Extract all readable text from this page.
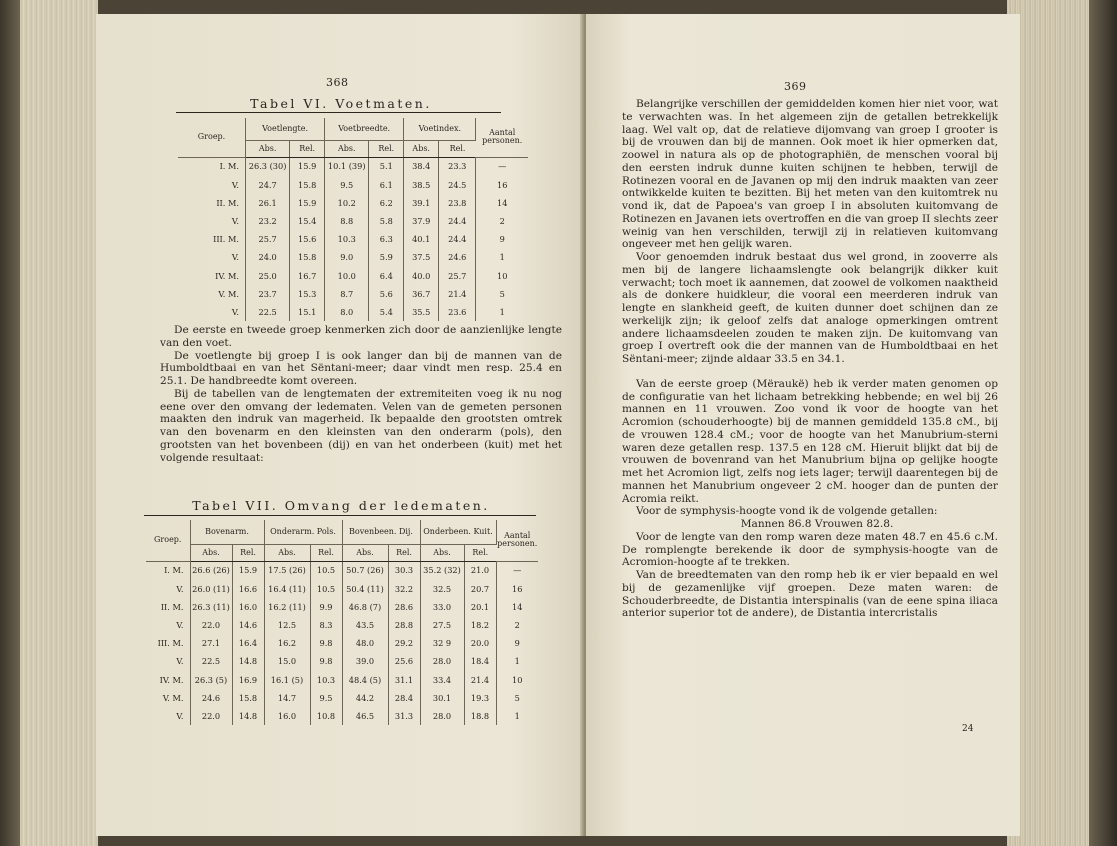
368
Tabel VI. Voetmaten.
Groep.	Voetlengte.		Voetbreedte.		Voetindex.		Aantal personen.
	Abs.	Rel.	Abs.	Rel.	Abs.	Rel.	
I. M.	26.3 (30)	15.9	10.1 (39)	5.1	38.4	23.3	—
V.	24.7	15.8	9.5	6.1	38.5	24.5	16
II. M.	26.1	15.9	10.2	6.2	39.1	23.8	14
V.	23.2	15.4	8.8	5.8	37.9	24.4	2
III. M.	25.7	15.6	10.3	6.3	40.1	24.4	9
V.	24.0	15.8	9.0	5.9	37.5	24.6	1
IV. M.	25.0	16.7	10.0	6.4	40.0	25.7	10
V. M.	23.7	15.3	8.7	5.6	36.7	21.4	5
V.	22.5	15.1	8.0	5.4	35.5	23.6	1

De eerste en tweede groep kenmerken zich door de aanzienlijke lengte van den voet.

De voetlengte bij groep I is ook langer dan bij de mannen van de Humboldtbaai en van het Sëntani-meer; daar vindt men resp. 25.4 en 25.1. De handbreedte komt overeen.

Bij de tabellen van de lengtematen der extremiteiten voeg ik nu nog eene over den omvang der ledematen. Velen van de gemeten personen maakten den indruk van magerheid. Ik bepaalde den grootsten omtrek van den bovenarm en den kleinsten van den onderarm (pols), den grootsten van het bovenbeen (dij) en van het onderbeen (kuit) met het volgende resultaat:

Tabel VII. Omvang der ledematen.
Groep.	Bovenarm.		Onderarm. Pols.		Bovenbeen. Dij.		Onderbeen. Kuit.		Aantal personen.
	Abs.	Rel.	Abs.	Rel.	Abs.	Rel.	Abs.	Rel.	
I. M.	26.6 (26)	15.9	17.5 (26)	10.5	50.7 (26)	30.3	35.2 (32)	21.0	—
V.	26.0 (11)	16.6	16.4 (11)	10.5	50.4 (11)	32.2	32.5	20.7	16
II. M.	26.3 (11)	16.0	16.2 (11)	9.9	46.8 (7)	28.6	33.0	20.1	14
V.	22.0	14.6	12.5	8.3	43.5	28.8	27.5	18.2	2
III. M.	27.1	16.4	16.2	9.8	48.0	29.2	32 9	20.0	9
V.	22.5	14.8	15.0	9.8	39.0	25.6	28.0	18.4	1
IV. M.	26.3 (5)	16.9	16.1 (5)	10.3	48.4 (5)	31.1	33.4	21.4	10
V. M.	24.6	15.8	14.7	9.5	44.2	28.4	30.1	19.3	5
V.	22.0	14.8	16.0	10.8	46.5	31.3	28.0	18.8	1
369

Belangrijke verschillen der gemiddelden komen hier niet voor, wat te verwachten was. In het algemeen zijn de getallen betrekkelijk laag. Wel valt op, dat de relatieve dijomvang van groep I grooter is bij de vrouwen dan bij de mannen. Ook moet ik hier opmerken dat, zoowel in natura als op de photographiën, de menschen vooral bij den eersten indruk dunne kuiten schijnen te hebben, terwijl de Rotinezen vooral en de Javanen op mij den indruk maakten van zeer ontwikkelde kuiten te bezitten. Bij het meten van den kuitomtrek nu vond ik, dat de Papoea's van groep I in absoluten kuitomvang de Rotinezen en Javanen iets overtroffen en die van groep II slechts zeer weinig van hen verschilden, terwijl zij in relatieven kuitomvang ongeveer met hen gelijk waren.

Voor genoemden indruk bestaat dus wel grond, in zooverre als men bij de langere lichaamslengte ook belangrijk dikker kuit verwacht; toch moet ik aannemen, dat zoowel de volkomen naaktheid als de donkere huidkleur, die vooral een meerderen indruk van lengte en slankheid geeft, de kuiten dunner doet schijnen dan ze werkelijk zijn; ik geloof zelfs dat analoge opmerkingen omtrent andere lichaamsdeelen zouden te maken zijn. De kuitomvang van groep I overtreft ook die der mannen van de Humboldtbaai en het Sëntani-meer; zijnde aldaar 33.5 en 34.1.

Van de eerste groep (Mëraukë) heb ik verder maten genomen op de configuratie van het lichaam betrekking hebbende; en wel bij 26 mannen en 11 vrouwen. Zoo vond ik voor de hoogte van het Acromion (schouderhoogte) bij de mannen gemiddeld 135.8 cM., bij de vrouwen 128.4 cM.; voor de hoogte van het Manubrium-sterni waren deze getallen resp. 137.5 en 128 cM. Hieruit blijkt dat bij de vrouwen de bovenrand van het Manubrium bijna op gelijke hoogte met het Acromion ligt, zelfs nog iets lager; terwijl daarentegen bij de mannen het Manubrium ongeveer 2 cM. hooger dan de punten der Acromia reikt.

Voor de symphysis-hoogte vond ik de volgende getallen:

Mannen 86.8 Vrouwen 82.8.

Voor de lengte van den romp waren deze maten 48.7 en 45.6 c.M. De romplengte berekende ik door de symphysis-hoogte van de Acromion-hoogte af te trekken.

Van de breedtematen van den romp heb ik er vier bepaald en wel bij de gezamenlijke vijf groepen. Deze maten waren: de Schouderbreedte, de Distantia interspinalis (van de eene spina iliaca anterior superior tot de andere), de Distantia intercristalis

24
